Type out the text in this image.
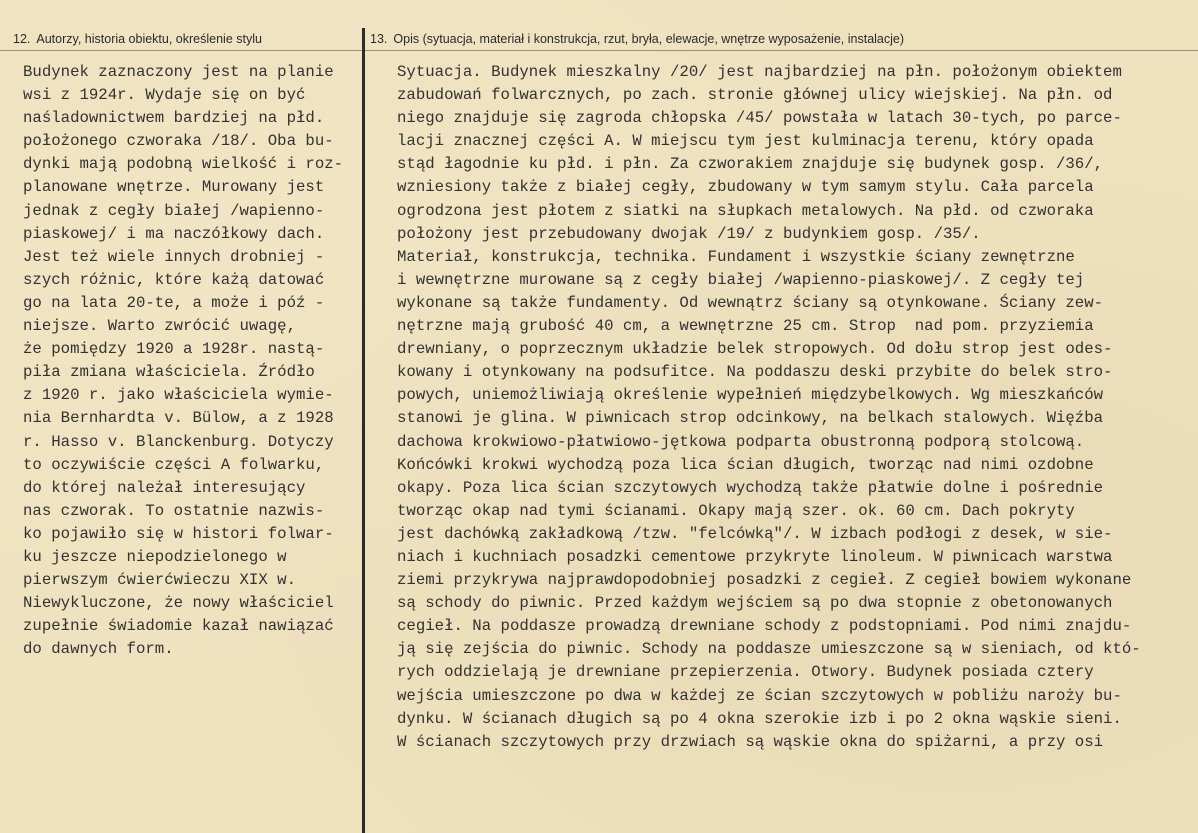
12. Autorzy, historia obiektu, określenie stylu	13. Opis (sytuacja, materiał i konstrukcja, rzut, bryła, elewacje, wnętrze wyposażenie, instalacje)
Budynek zaznaczony jest na planie
wsi z 1924r. Wydaje się on być
naśladownictwem bardziej na płd.
położonego czworaka /18/. Oba bu-
dynki mają podobną wielkość i roz-
planowane wnętrze. Murowany jest
jednak z cegły białej /wapienno-
piaskowej/ i ma naczółkowy dach.
Jest też wiele innych drobniej -
szych różnic, które każą datować
go na lata 20-te, a może i póź -
niejsze. Warto zwrócić uwagę,
że pomiędzy 1920 a 1928r. nastą-
piła zmiana właściciela. Źródło
z 1920 r. jako właściciela wymie-
nia Bernhardta v. Bülow, a z 1928
r. Hasso v. Blanckenburg. Dotyczy
to oczywiście części A folwarku,
do której należał interesujący
nas czworak. To ostatnie nazwis-
ko pojawiło się w histori folwar-
ku jeszcze niepodzielonego w
pierwszym ćwierćwieczu XIX w.
Niewykluczone, że nowy właściciel
zupełnie świadomie kazał nawiązać
do dawnych form.
Sytuacja. Budynek mieszkalny /20/ jest najbardziej na płn. położonym obiektem
zabudowań folwarcznych, po zach. stronie głównej ulicy wiejskiej. Na płn. od
niego znajduje się zagroda chłopska /45/ powstała w latach 30-tych, po parce-
lacji znacznej części A. W miejscu tym jest kulminacja terenu, który opada
stąd łagodnie ku płd. i płn. Za czworakiem znajduje się budynek gosp. /36/,
wzniesiony także z białej cegły, zbudowany w tym samym stylu. Cała parcela
ogrodzona jest płotem z siatki na słupkach metalowych. Na płd. od czworaka
położony jest przebudowany dwojak /19/ z budynkiem gosp. /35/.
Materiał, konstrukcja, technika. Fundament i wszystkie ściany zewnętrzne
i wewnętrzne murowane są z cegły białej /wapienno-piaskowej/. Z cegły tej
wykonane są także fundamenty. Od wewnątrz ściany są otynkowane. Ściany zew-
nętrzne mają grubość 40 cm, a wewnętrzne 25 cm. Strop  nad pom. przyziemia
drewniany, o poprzecznym układzie belek stropowych. Od dołu strop jest odes-
kowany i otynkowany na podsufitce. Na poddaszu deski przybite do belek stro-
powych, uniemożliwiają określenie wypełnień międzybelkowych. Wg mieszkańców
stanowi je glina. W piwnicach strop odcinkowy, na belkach stalowych. Więźba
dachowa krokwiowo-płatwiowo-jętkowa podparta obustronną podporą stolcową.
Końcówki krokwi wychodzą poza lica ścian długich, tworząc nad nimi ozdobne
okapy. Poza lica ścian szczytowych wychodzą także płatwie dolne i pośrednie
tworząc okap nad tymi ścianami. Okapy mają szer. ok. 60 cm. Dach pokryty
jest dachówką zakładkową /tzw. "felcówką"/. W izbach podłogi z desek, w sie-
niach i kuchniach posadzki cementowe przykryte linoleum. W piwnicach warstwa
ziemi przykrywa najprawdopodobniej posadzki z cegieł. Z cegieł bowiem wykonane
są schody do piwnic. Przed każdym wejściem są po dwa stopnie z obetonowanych
cegieł. Na poddasze prowadzą drewniane schody z podstopniami. Pod nimi znajdu-
ją się zejścia do piwnic. Schody na poddasze umieszczone są w sieniach, od któ-
rych oddzielają je drewniane przepierzenia. Otwory. Budynek posiada cztery
wejścia umieszczone po dwa w każdej ze ścian szczytowych w pobliżu naroży bu-
dynku. W ścianach długich są po 4 okna szerokie izb i po 2 okna wąskie sieni.
W ścianach szczytowych przy drzwiach są wąskie okna do spiżarni, a przy osi
